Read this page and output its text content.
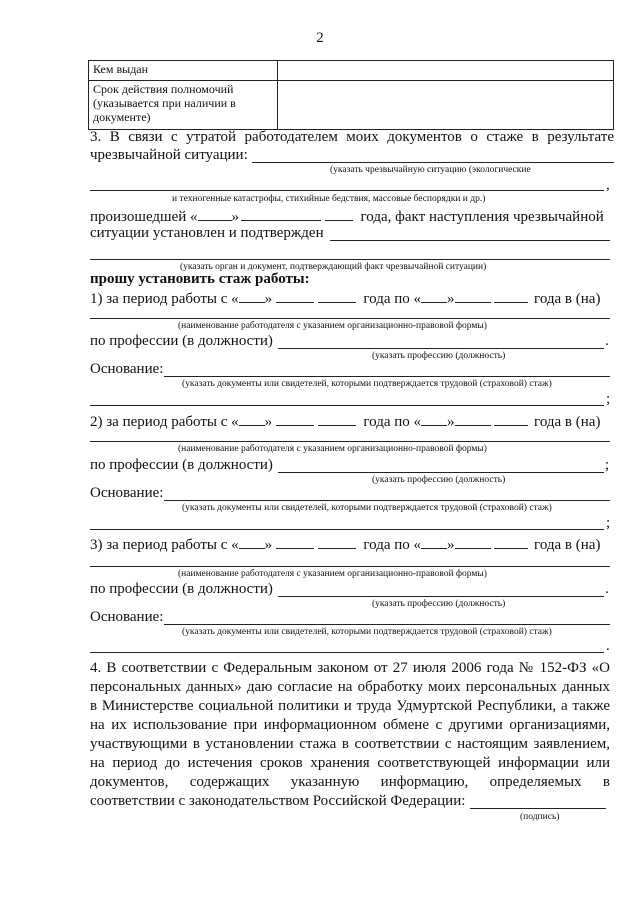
2
Кем выдан	

Срок действия полномочий
(указывается при наличии в
документе)	

3. В связи с утратой работодателем моих документов о стаже в результате
чрезвычайной ситуации:
(указать чрезвычайную ситуацию (экологические
,
и техногенные катастрофы, стихийные бедствия, массовые беспорядки и др.)
произошедшей « »	года, факт наступления чрезвычайной
ситуации установлен и подтвержден
(указать орган и документ, подтверждающий факт чрезвычайной ситуации)
прошу установить стаж работы:
1) за период работы с « »	года по « »	года в (на)
(наименование работодателя с указанием организационно-правовой формы)
по профессии (в должности)	.
(указать профессию (должность)
Основание:
(указать документы или свидетелей, которыми подтверждается трудовой (страховой) стаж)
;
2) за период работы с « »	года по « »	года в (на)
(наименование работодателя с указанием организационно-правовой формы)
по профессии (в должности)	;
(указать профессию (должность)
Основание:
(указать документы или свидетелей, которыми подтверждается трудовой (страховой) стаж)
;
3) за период работы с « »	года по « »	года в (на)
(наименование работодателя с указанием организационно-правовой формы)
по профессии (в должности)	.
(указать профессию (должность)
Основание:
(указать документы или свидетелей, которыми подтверждается трудовой (страховой) стаж)
.
4. В соответствии с Федеральным законом от 27 июля 2006 года № 152-ФЗ «О
персональных данных» даю согласие на обработку моих персональных данных
в Министерстве социальной политики и труда Удмуртской Республики, а также
на их использование при информационном обмене с другими организациями,
участвующими в установлении стажа в соответствии с настоящим заявлением,
на период до истечения сроков хранения соответствующей информации или
документов, содержащих указанную информацию, определяемых в
соответствии с законодательством Российской Федерации:
(подпись)
